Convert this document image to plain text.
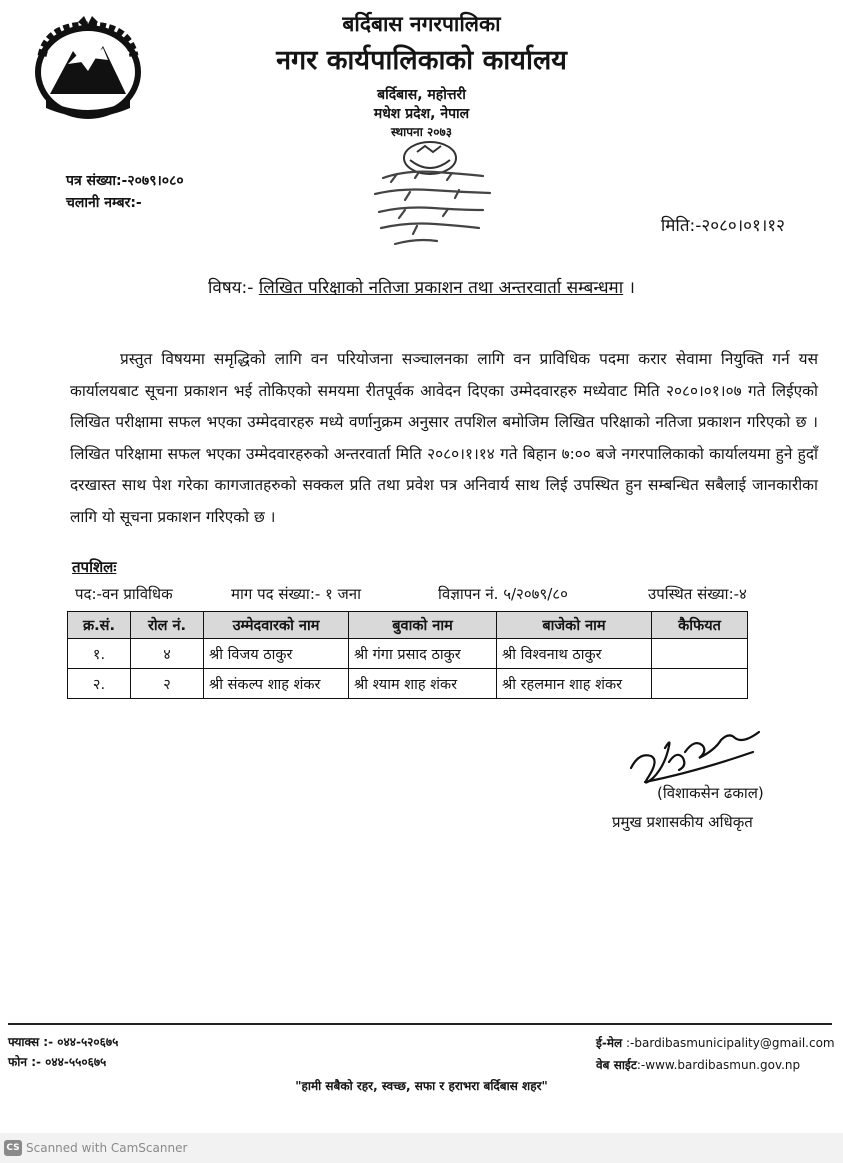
बर्दिबास नगरपालिका
नगर कार्यपालिकाको कार्यालय
बर्दिबास, महोत्तरी
मधेश प्रदेश, नेपाल
स्थापना २०७३
पत्र संख्या:-२०७९।०८०
चलानी नम्बर:-
मिति:-२०८०।०१।१२
विषय:- लिखित परिक्षाको नतिजा प्रकाशन तथा अन्तरवार्ता सम्बन्धमा ।
प्रस्तुत विषयमा समृद्धिको लागि वन परियोजना सञ्चालनका लागि वन प्राविधिक पदमा करार सेवामा नियुक्ति गर्न यस कार्यालयबाट सूचना प्रकाशन भई तोकिएको समयमा रीतपूर्वक आवेदन दिएका उम्मेदवारहरु मध्येवाट मिति २०८०।०१।०७ गते लिईएको लिखित परीक्षामा सफल भएका उम्मेदवारहरु मध्ये वर्णानुक्रम अनुसार तपशिल बमोजिम लिखित परिक्षाको नतिजा प्रकाशन गरिएको छ । लिखित परिक्षामा सफल भएका उम्मेदवारहरुको अन्तरवार्ता मिति २०८०।१।१४ गते बिहान ७:०० बजे नगरपालिकाको कार्यालयमा हुने हुदाँ दरखास्त साथ पेश गरेका कागजातहरुको सक्कल प्रति तथा प्रवेश पत्र अनिवार्य साथ लिई उपस्थित हुन सम्बन्धित सबैलाई जानकारीका लागि यो सूचना प्रकाशन गरिएको छ ।
तपशिलः
पद:-वन प्राविधिक	माग पद संख्या:- १ जना	विज्ञापन नं. ५/२०७९/८०	उपस्थित संख्या:-४
क्र.सं.	रोल नं.	उम्मेदवारको नाम	बुवाको नाम	बाजेको नाम	कैफियत
१.	४	श्री विजय ठाकुर	श्री गंगा प्रसाद ठाकुर	श्री विश्वनाथ ठाकुर	
२.	२	श्री संकल्प शाह शंकर	श्री श्याम शाह शंकर	श्री रहलमान शाह शंकर	
(विशाकसेन ढकाल)
प्रमुख प्रशासकीय अधिकृत
फ्याक्स :- ०४४-५२०६७५
फोन :- ०४४-५५०६७५
ई-मेल :-bardibasmunicipality@gmail.com
वेब साईट:-www.bardibasmun.gov.np
"हामी सबैको रहर, स्वच्छ, सफा र हराभरा बर्दिबास शहर"
CS Scanned with CamScanner
